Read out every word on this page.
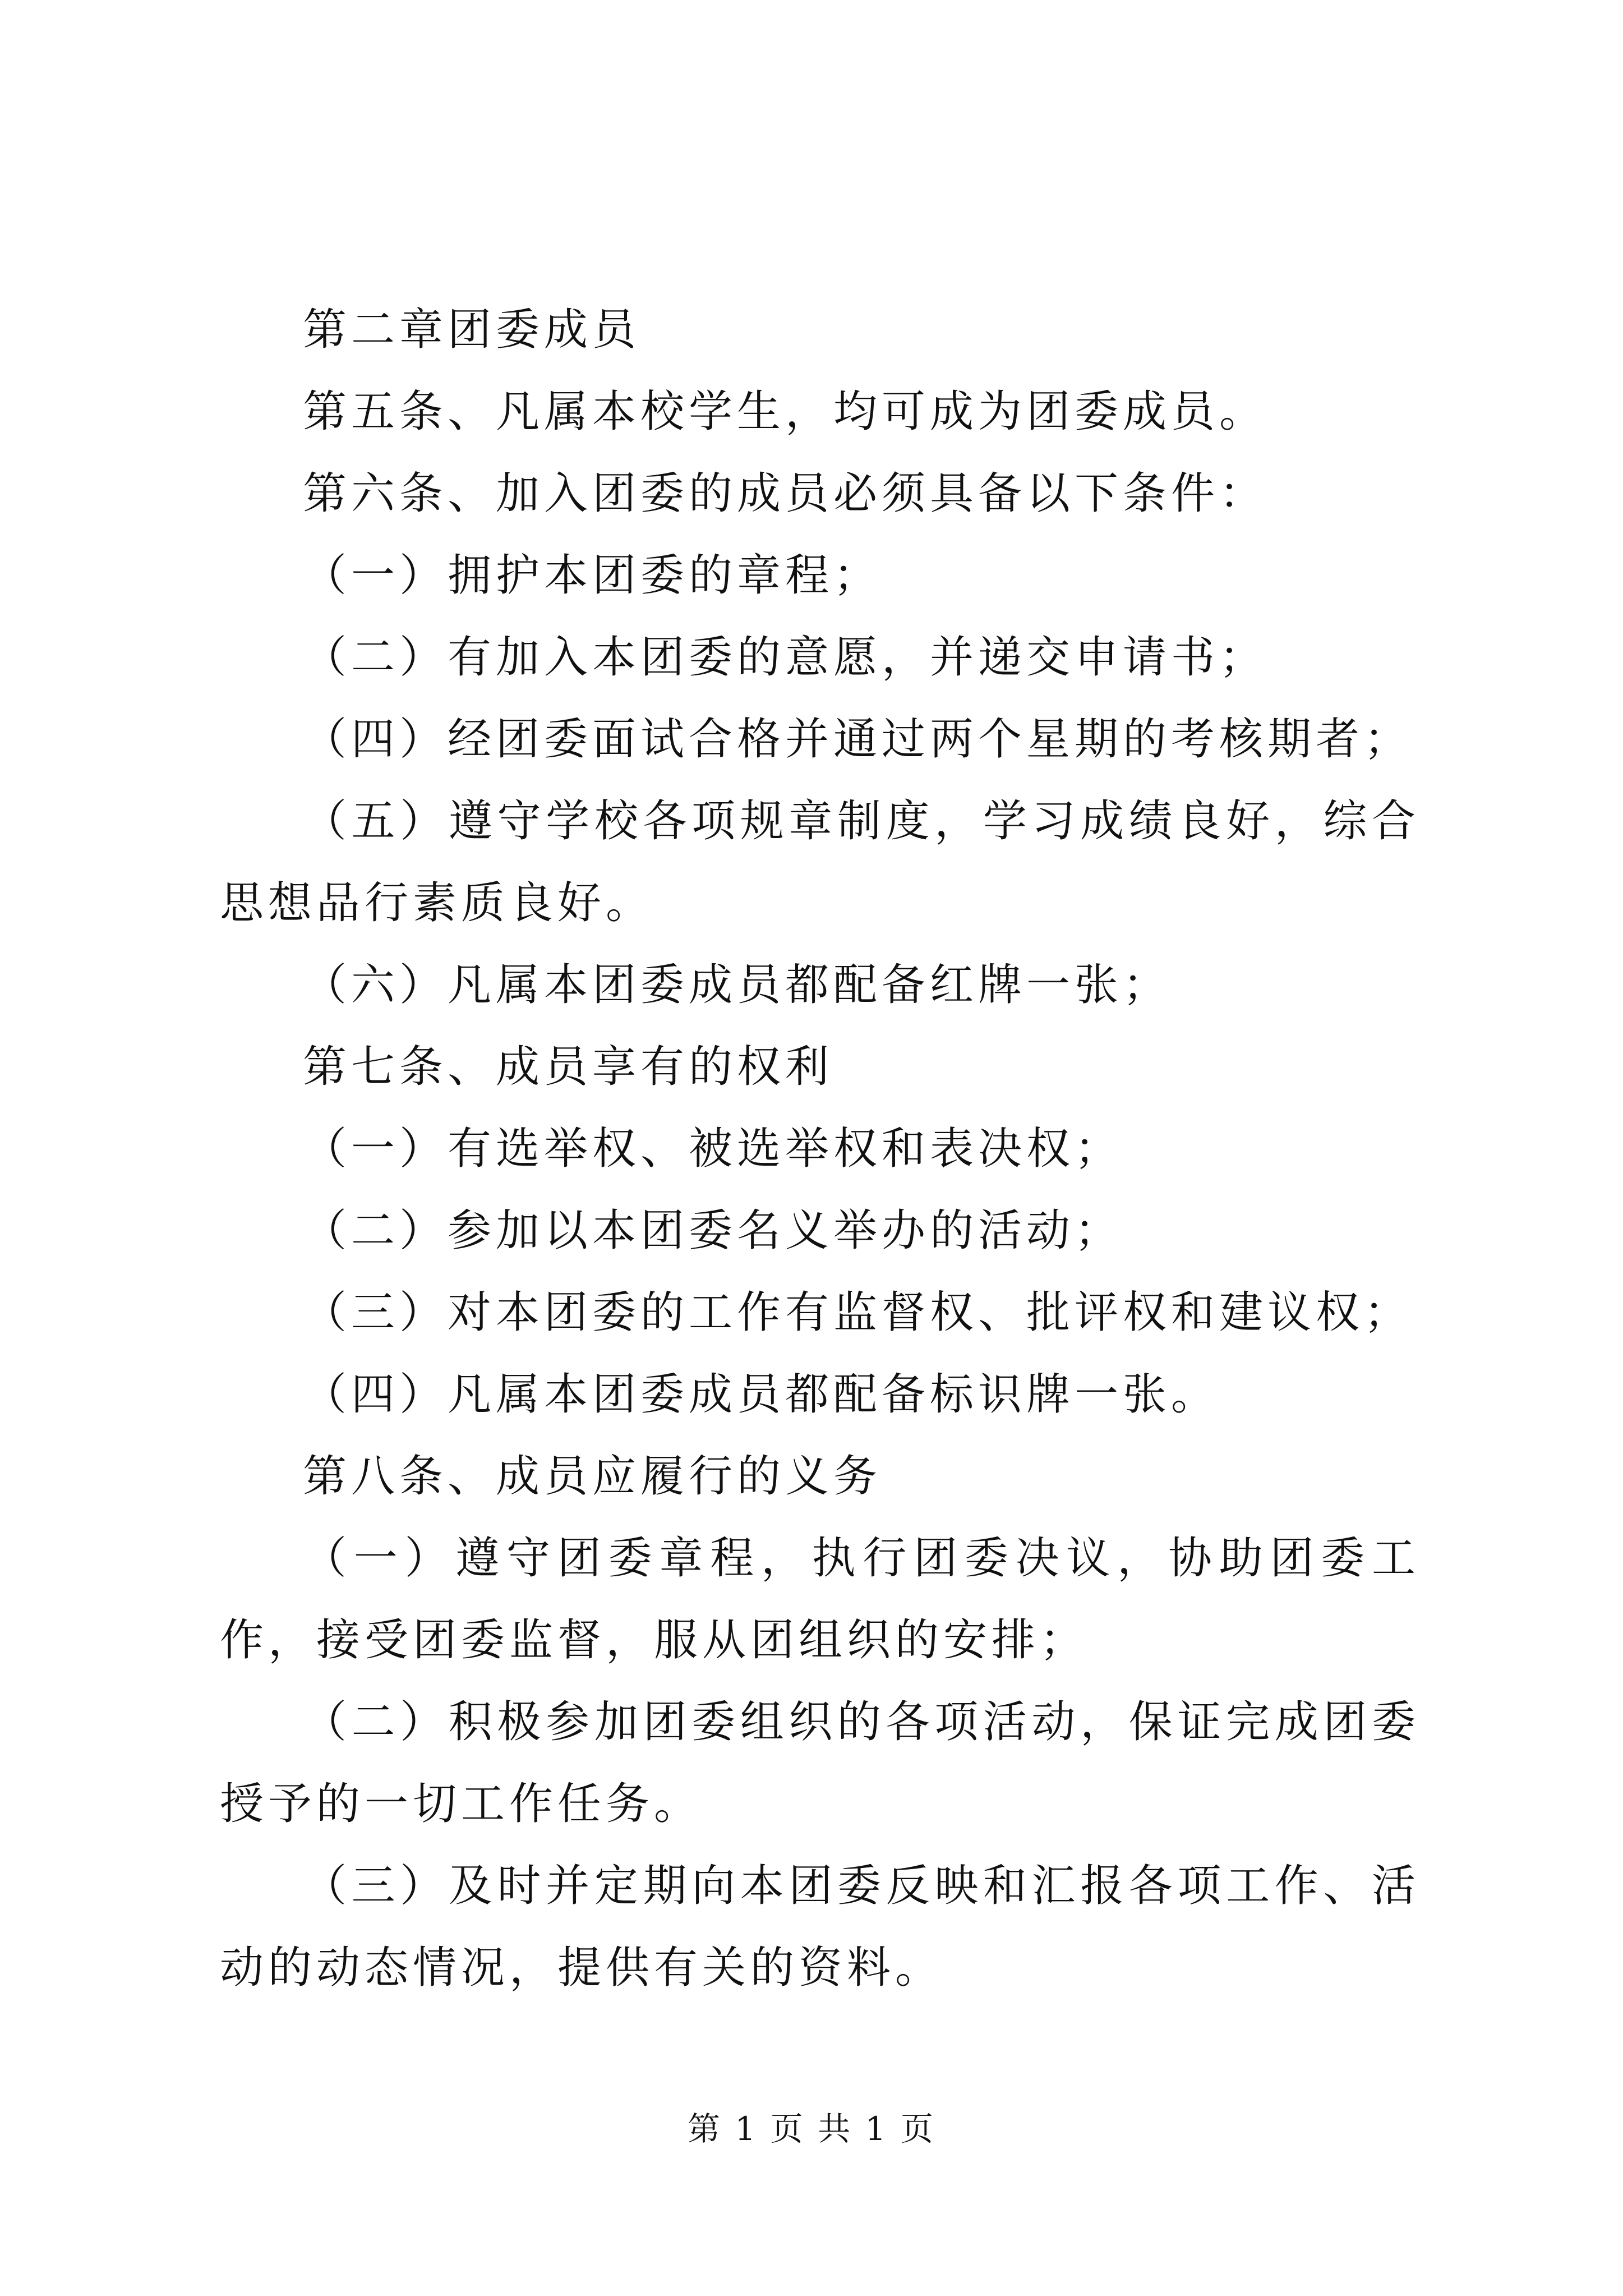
第二章团委成员

第五条、凡属本校学生，均可成为团委成员。

第六条、加入团委的成员必须具备以下条件：

（一）拥护本团委的章程；

（二）有加入本团委的意愿，并递交申请书；

（四）经团委面试合格并通过两个星期的考核期者；

（五）遵守学校各项规章制度，学习成绩良好，综合思想品行素质良好。

（六）凡属本团委成员都配备红牌一张；

第七条、成员享有的权利

（一）有选举权、被选举权和表决权；

（二）参加以本团委名义举办的活动；

（三）对本团委的工作有监督权、批评权和建议权；

（四）凡属本团委成员都配备标识牌一张。

第八条、成员应履行的义务

（一）遵守团委章程，执行团委决议，协助团委工作，接受团委监督，服从团组织的安排；

（二）积极参加团委组织的各项活动，保证完成团委授予的一切工作任务。

（三）及时并定期向本团委反映和汇报各项工作、活动的动态情况，提供有关的资料。

第 1 页 共 1 页
